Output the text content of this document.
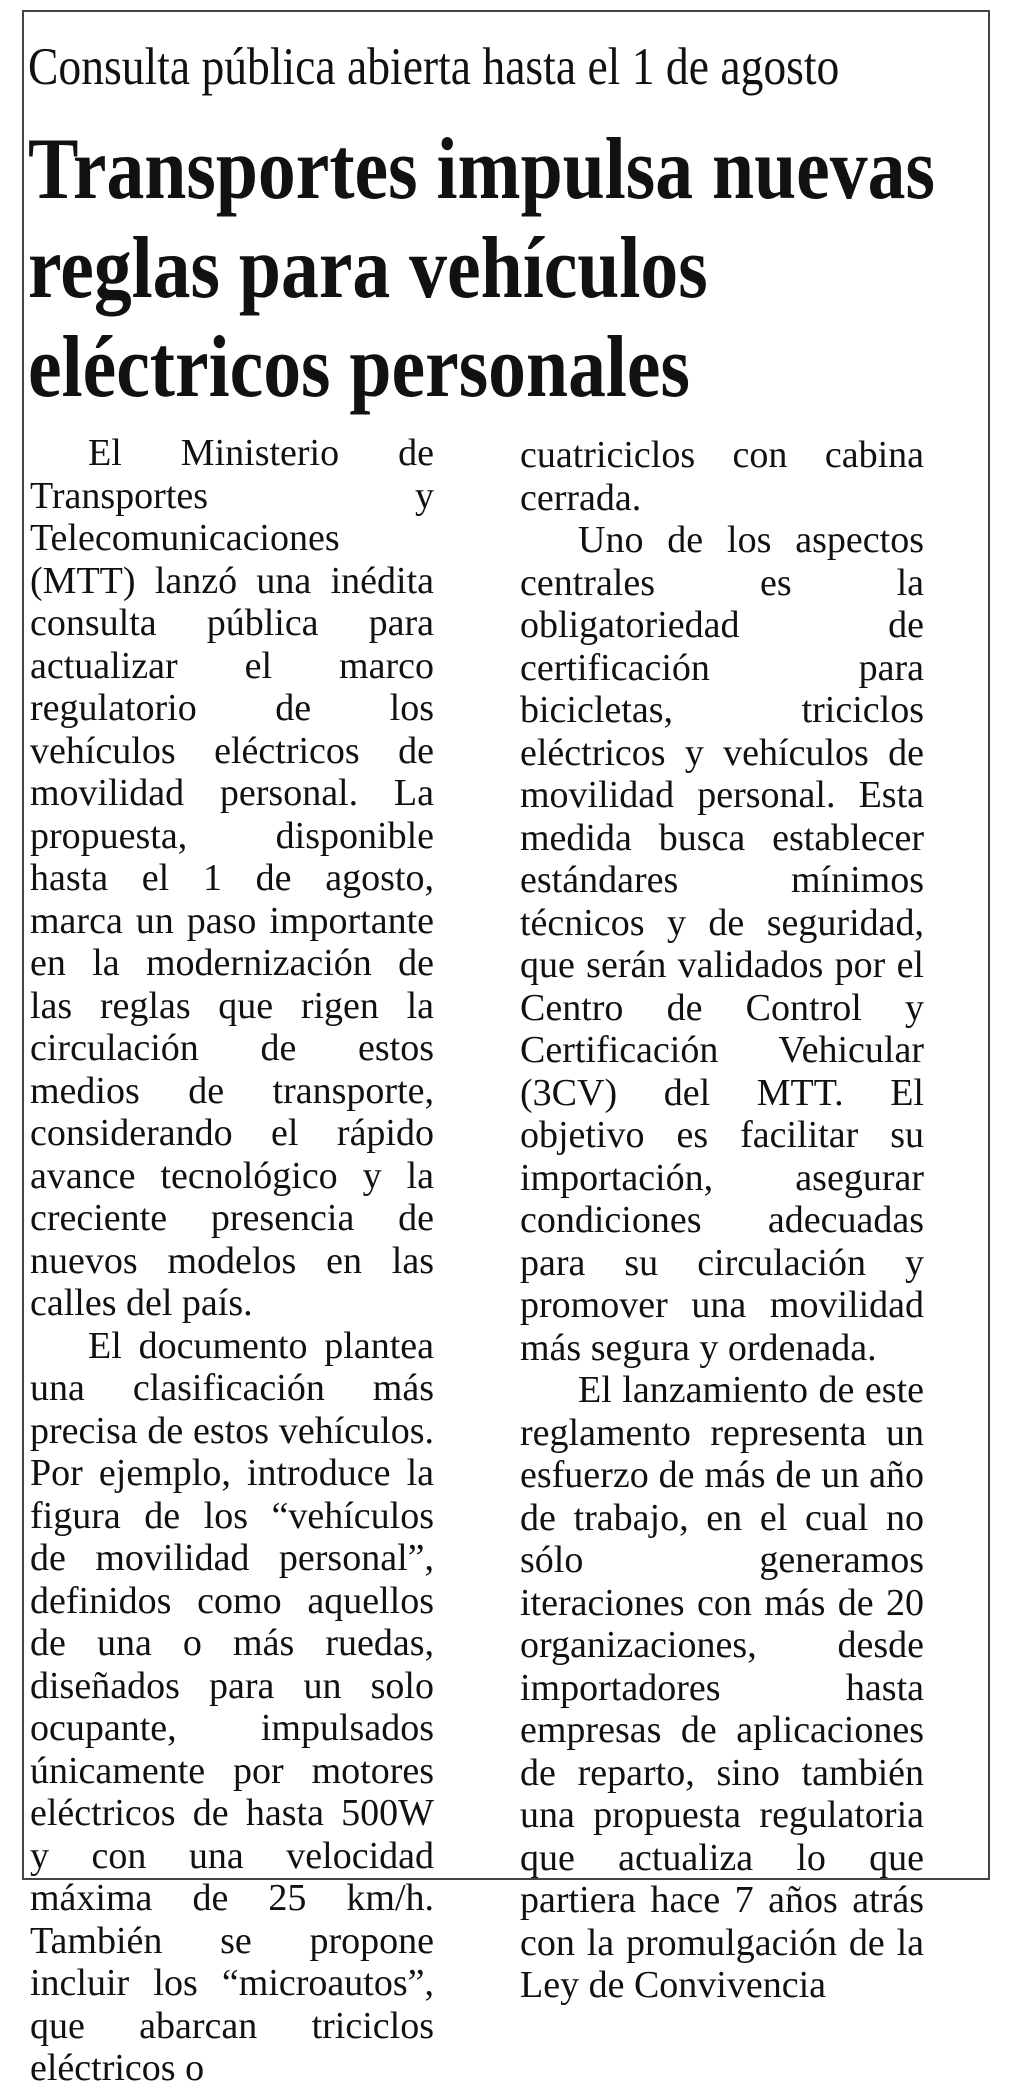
Consulta pública abierta hasta el 1 de agosto
Transportes impulsa nuevas
reglas para vehículos
eléctricos personales

El Ministerio de Transportes y Telecomunicaciones (MTT) lanzó una inédita consulta pública para actualizar el marco regulatorio de los vehículos eléctricos de movilidad personal. La propuesta, disponible hasta el 1 de agosto, marca un paso importante en la modernización de las reglas que rigen la circulación de estos medios de transporte, considerando el rápido avance tecnológico y la creciente presencia de nuevos modelos en las calles del país.

El documento plantea una clasificación más precisa de estos vehículos. Por ejemplo, introduce la figura de los “vehículos de movilidad personal”, definidos como aquellos de una o más ruedas, diseñados para un solo ocupante, impulsados únicamente por motores eléctricos de hasta 500W y con una velocidad máxima de 25 km/h. También se propone incluir los “microautos”, que abarcan triciclos eléctricos o

cuatriciclos con cabina cerrada.

Uno de los aspectos centrales es la obligatoriedad de certificación para bicicletas, triciclos eléctricos y vehículos de movilidad personal. Esta medida busca establecer estándares mínimos técnicos y de seguridad, que serán validados por el Centro de Control y Certificación Vehicular (3CV) del MTT. El objetivo es facilitar su importación, asegurar condiciones adecuadas para su circulación y promover una movilidad más segura y ordenada.

El lanzamiento de este reglamento representa un esfuerzo de más de un año de trabajo, en el cual no sólo generamos iteraciones con más de 20 organizaciones, desde importadores hasta empresas de aplicaciones de reparto, sino también una propuesta regulatoria que actualiza lo que partiera hace 7 años atrás con la promulgación de la Ley de Convivencia
